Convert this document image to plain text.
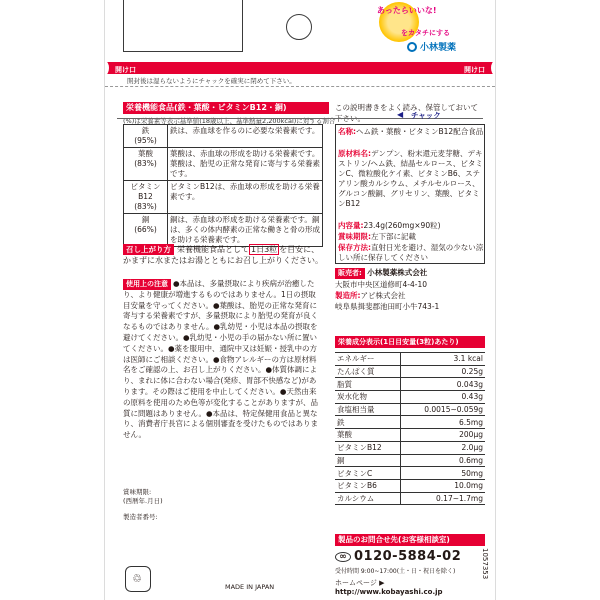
あったらいいな!
をカタチにする
小林製薬
開け口	開け口
開封後は湿らないようにチャックを確実に閉めて下さい。
栄養機能食品(鉄・葉酸・ビタミンB12・銅)
(%)は栄養素等表示基準値(18歳以上、基準熱量2,200kcal)に対する割合
この説明書きをよく読み、保管しておいて下さい。	◀ チャック
鉄
(95%)	鉄は、赤血球を作るのに必要な栄養素です。

葉酸
(83%)	葉酸は、赤血球の形成を助ける栄養素です。葉酸は、胎児の正常な発育に寄与する栄養素です。

ビタミンB12
(83%)	ビタミンB12は、赤血球の形成を助ける栄養素です。

銅
(66%)	銅は、赤血球の形成を助ける栄養素です。銅は、多くの体内酵素の正常な働きと骨の形成を助ける栄養素です。
召し上がり方 栄養機能食品として 1日3粒 を目安に、かまずに水またはお湯とともにお召し上がりください。
使用上の注意 ●本品は、多量摂取により疾病が治癒したり、より健康が増進するものではありません。1日の摂取目安量を守ってください。●葉酸は、胎児の正常な発育に寄与する栄養素ですが、多量摂取により胎児の発育が良くなるものではありません。●乳幼児・小児は本品の摂取を避けてください。●乳幼児・小児の手の届かない所に置いてください。●薬を服用中、通院中又は妊娠・授乳中の方は医師にご相談ください。●食物アレルギーの方は原材料名をご確認の上、お召し上がりください。●体質体調により、まれに体に合わない場合(発疹、胃部不快感など)があります。その際はご使用を中止してください。●天然由来の原料を使用のため色等が変化することがありますが、品質に問題はありません。●本品は、特定保健用食品と異なり、消費者庁長官による個別審査を受けたものではありません。
賞味期限:
(西暦年.月日)
製造者番号:
♲
MADE IN JAPAN
名称:ヘム鉄・葉酸・ビタミンB12配合食品
原材料名:デンプン、粉末還元麦芽糖、デキストリン/ヘム鉄、結晶セルロース、ビタミンC、微粒酸化ケイ素、ビタミンB6、ステアリン酸カルシウム、メチルセルロース、グルコン酸銅、グリセリン、葉酸、ビタミンB12
内容量:23.4g(260mg×90粒)
賞味期限:左下部に記載
保存方法:直射日光を避け、湿気の少ない涼しい所に保存してください
販売者: 小林製薬株式会社
大阪市中央区道修町4-4-10
製造所:アピ株式会社
岐阜県揖斐郡池田町小牛743-1
栄養成分表示(1日目安量(3粒)あたり)
エネルギー	3.1 kcal
たんぱく質	0.25g
脂質	0.043g
炭水化物	0.43g
食塩相当量	0.0015~0.059g
鉄	6.5mg
葉酸	200μg
ビタミンB12	2.0μg
銅	0.6mg
ビタミンC	50mg
ビタミンB6	10.0mg
カルシウム	0.17~1.7mg
製品のお問合せ先(お客様相談室)
∞ 0120-5884-02
受付時間 9:00~17:00(土・日・祝日を除く)
ホームページ ▶ http://www.kobayashi.co.jp
1057353
